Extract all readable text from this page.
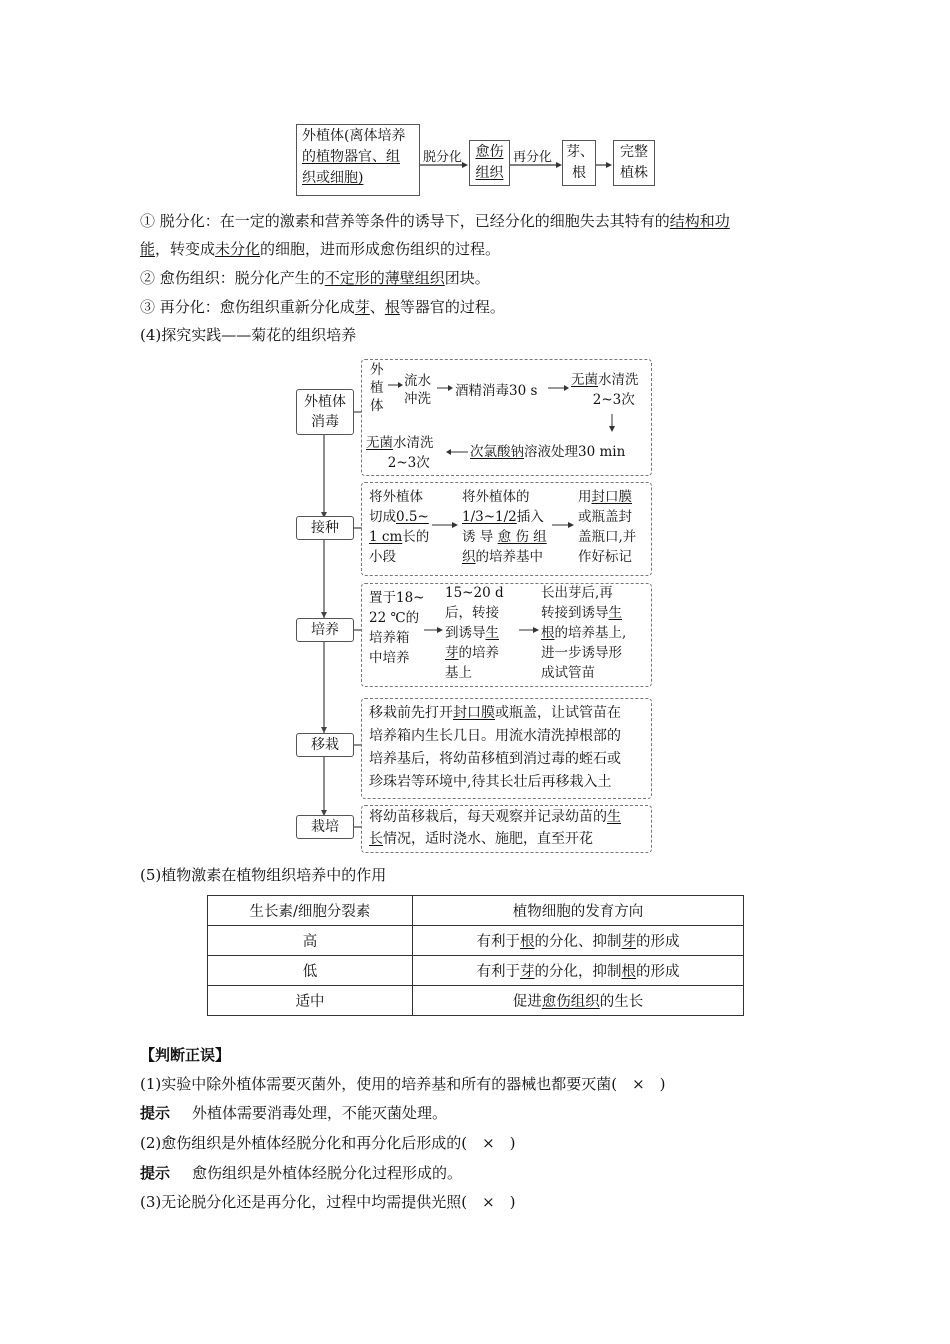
外植体(离体培养
的植物器官、组
织或细胞)
脱分化 愈伤
组织
再分化 芽、
根
完整
植株
① 脱分化：在一定的激素和营养等条件的诱导下，已经分化的细胞失去其特有的结构和功
能，转变成未分化的细胞，进而形成愈伤组织的过程。
② 愈伤组织：脱分化产生的不定形的薄壁组织团块。
③ 再分化：愈伤组织重新分化成芽、根等器官的过程。
(4)探究实践——菊花的组织培养
外植体
消毒
接种
培养
移栽
栽培
外
植
体
流水
冲洗 酒精消毒30 s
无菌水清洗
2~3次
无菌水清洗
2~3次
次氯酸钠溶液处理30 min
将外植体
切成0.5~
1 cm长的
小段
将外植体的
1/3~1/2插入
诱 导 愈 伤 组
织的培养基中
用封口膜
或瓶盖封
盖瓶口,并
作好标记
置于18~
22 ℃的
培养箱
中培养
15~20 d
后，转接
到诱导生
芽的培养
基上
长出芽后,再
转接到诱导生
根的培养基上,
进一步诱导形
成试管苗
移栽前先打开封口膜或瓶盖，让试管苗在
培养箱内生长几日。用流水清洗掉根部的
培养基后，将幼苗移植到消过毒的蛭石或
珍珠岩等环境中,待其长壮后再移栽入土
将幼苗移栽后，每天观察并记录幼苗的生
长情况，适时浇水、施肥，直至开花
(5)植物激素在植物组织培养中的作用
生长素/细胞分裂素	植物细胞的发育方向
高	有利于根的分化、抑制芽的形成
低	有利于芽的分化，抑制根的形成
适中	促进愈伤组织的生长
【判断正误】
(1)实验中除外植体需要灭菌外，使用的培养基和所有的器械也都要灭菌(　×　)
提示 外植体需要消毒处理，不能灭菌处理。
(2)愈伤组织是外植体经脱分化和再分化后形成的(　×　)
提示 愈伤组织是外植体经脱分化过程形成的。
(3)无论脱分化还是再分化，过程中均需提供光照(　×　)
